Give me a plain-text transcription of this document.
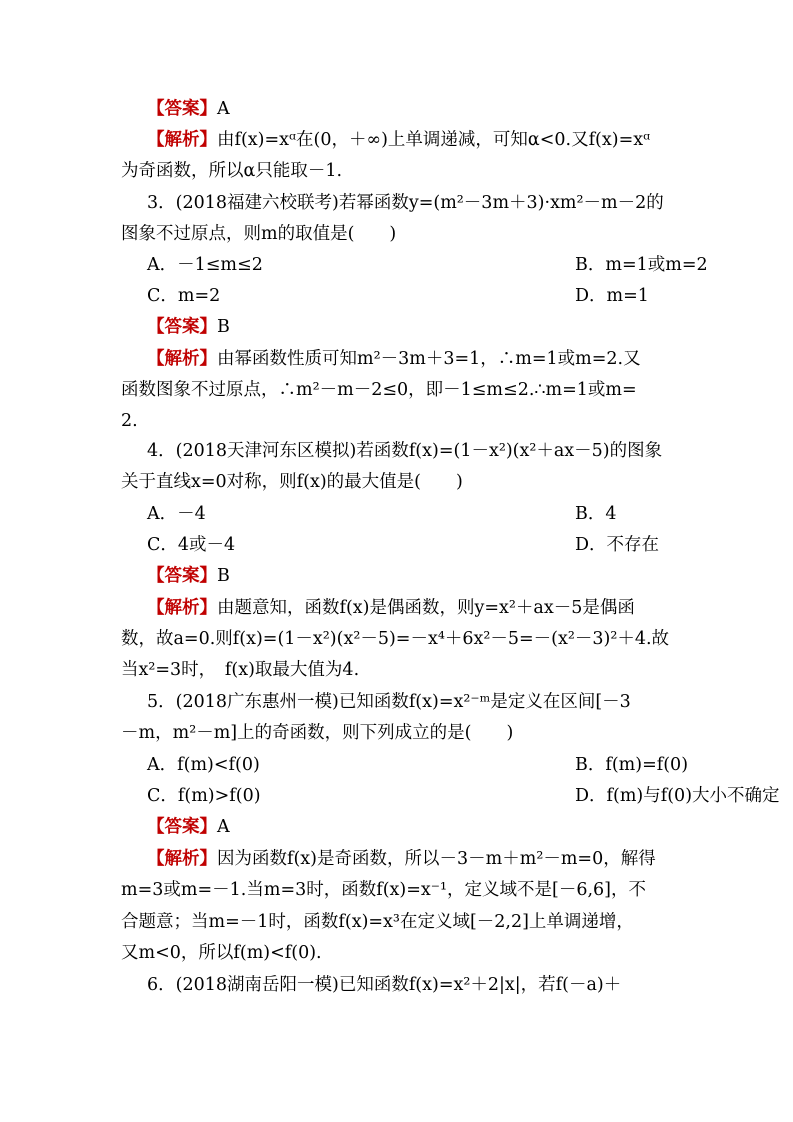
【答案】A
【解析】由f(x)=xᵅ在(0，＋∞)上单调递减，可知α<0.又f(x)=xᵅ
为奇函数，所以α只能取－1.
3．(2018福建六校联考)若幂函数y=(m²－3m＋3)·xm²－m－2的
图象不过原点，则m的取值是(　　)
A．－1≤m≤2	B．m=1或m=2
C．m=2	D．m=1
【答案】B
【解析】由幂函数性质可知m²－3m＋3=1，∴m=1或m=2.又
函数图象不过原点，∴m²－m－2≤0，即－1≤m≤2.∴m=1或m=
2.
4．(2018天津河东区模拟)若函数f(x)=(1－x²)(x²＋ax－5)的图象
关于直线x=0对称，则f(x)的最大值是(　　)
A．－4	B．4
C．4或－4	D．不存在
【答案】B
【解析】由题意知，函数f(x)是偶函数，则y=x²＋ax－5是偶函
数，故a=0.则f(x)=(1－x²)(x²－5)=－x⁴＋6x²－5=－(x²－3)²＋4.故
当x²=3时，　f(x)取最大值为4.
5．(2018广东惠州一模)已知函数f(x)=x²⁻ᵐ是定义在区间[－3
－m，m²－m]上的奇函数，则下列成立的是(　　)
A．f(m)<f(0)	B．f(m)=f(0)
C．f(m)>f(0)	D．f(m)与f(0)大小不确定
【答案】A
【解析】因为函数f(x)是奇函数，所以－3－m＋m²－m=0，解得
m=3或m=－1.当m=3时，函数f(x)=x⁻¹，定义域不是[－6,6]，不
合题意；当m=－1时，函数f(x)=x³在定义域[－2,2]上单调递增，
又m<0，所以f(m)<f(0).
6．(2018湖南岳阳一模)已知函数f(x)=x²＋2|x|，若f(－a)＋
